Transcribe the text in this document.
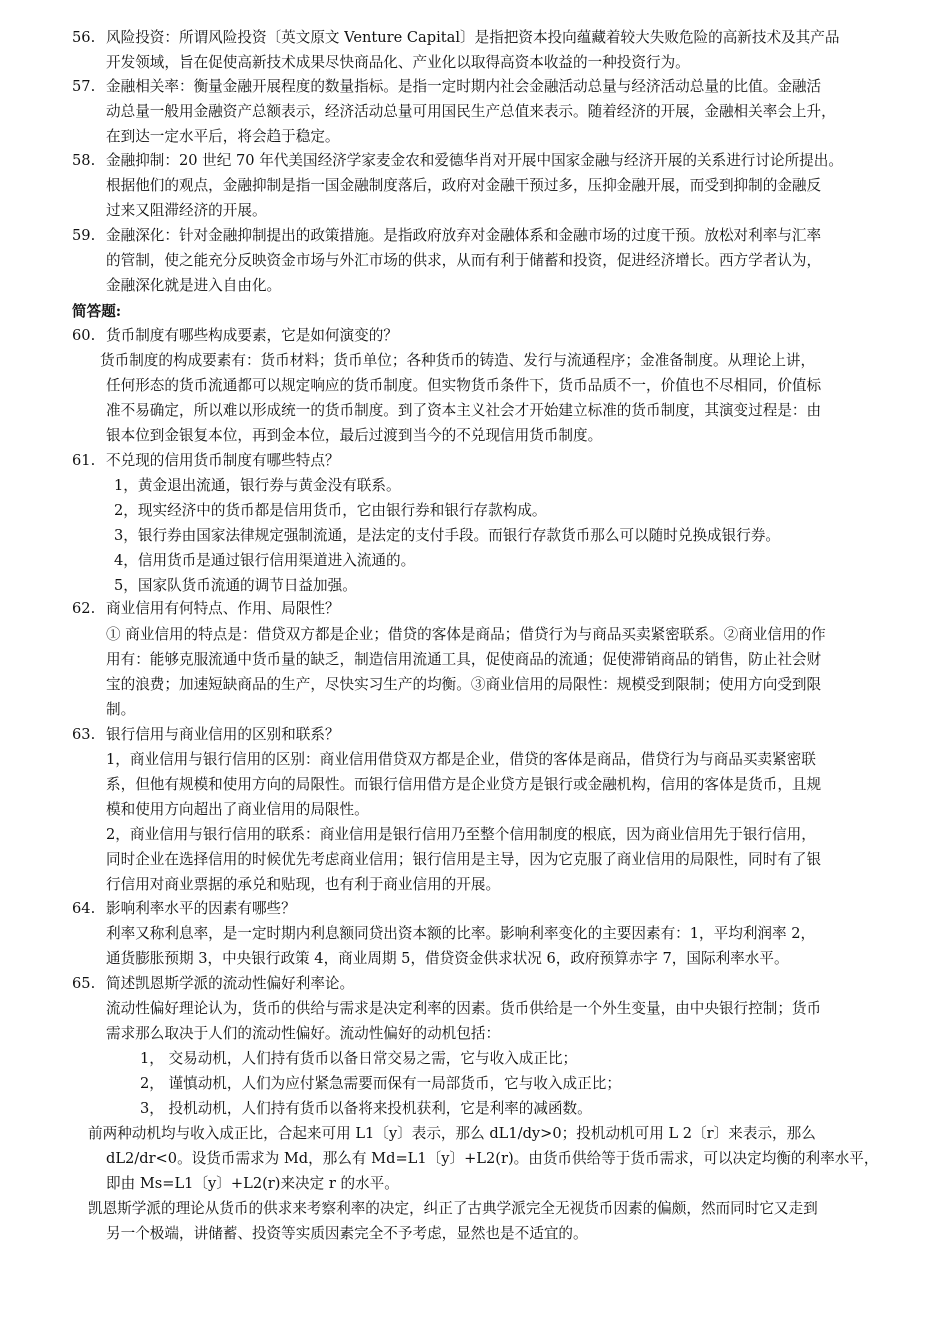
56. 风险投资：所谓风险投资〔英文原文 Venture Capital〕是指把资本投向蕴藏着较大失败危险的高新技术及其产品
开发领域，旨在促使高新技术成果尽快商品化、产业化以取得高资本收益的一种投资行为。
57. 金融相关率：衡量金融开展程度的数量指标。是指一定时期内社会金融活动总量与经济活动总量的比值。金融活
动总量一般用金融资产总额表示，经济活动总量可用国民生产总值来表示。随着经济的开展，金融相关率会上升，
在到达一定水平后，将会趋于稳定。
58. 金融抑制：20 世纪 70 年代美国经济学家麦金农和爱德华肖对开展中国家金融与经济开展的关系进行讨论所提出。
根据他们的观点，金融抑制是指一国金融制度落后，政府对金融干预过多，压抑金融开展，而受到抑制的金融反
过来又阻滞经济的开展。
59. 金融深化：针对金融抑制提出的政策措施。是指政府放弃对金融体系和金融市场的过度干预。放松对利率与汇率
的管制，使之能充分反映资金市场与外汇市场的供求，从而有利于储蓄和投资，促进经济增长。西方学者认为，
金融深化就是进入自由化。
简答题:
60. 货币制度有哪些构成要素，它是如何演变的？
货币制度的构成要素有：货币材料；货币单位；各种货币的铸造、发行与流通程序；金准备制度。从理论上讲，
任何形态的货币流通都可以规定响应的货币制度。但实物货币条件下，货币品质不一，价值也不尽相同，价值标
准不易确定，所以难以形成统一的货币制度。到了资本主义社会才开始建立标准的货币制度，其演变过程是：由
银本位到金银复本位，再到金本位，最后过渡到当今的不兑现信用货币制度。
61. 不兑现的信用货币制度有哪些特点？
1，黄金退出流通，银行券与黄金没有联系。
2，现实经济中的货币都是信用货币，它由银行券和银行存款构成。
3，银行券由国家法律规定强制流通，是法定的支付手段。而银行存款货币那么可以随时兑换成银行券。
4，信用货币是通过银行信用渠道进入流通的。
5，国家队货币流通的调节日益加强。
62. 商业信用有何特点、作用、局限性？
① 商业信用的特点是：借贷双方都是企业；借贷的客体是商品；借贷行为与商品买卖紧密联系。②商业信用的作
用有：能够克服流通中货币量的缺乏，制造信用流通工具，促使商品的流通；促使滞销商品的销售，防止社会财
宝的浪费；加速短缺商品的生产，尽快实习生产的均衡。③商业信用的局限性：规模受到限制；使用方向受到限
制。
63. 银行信用与商业信用的区别和联系？
1，商业信用与银行信用的区别：商业信用借贷双方都是企业，借贷的客体是商品，借贷行为与商品买卖紧密联
系，但他有规模和使用方向的局限性。而银行信用借方是企业贷方是银行或金融机构，信用的客体是货币，且规
模和使用方向超出了商业信用的局限性。
2，商业信用与银行信用的联系：商业信用是银行信用乃至整个信用制度的根底，因为商业信用先于银行信用，
同时企业在选择信用的时候优先考虑商业信用；银行信用是主导，因为它克服了商业信用的局限性，同时有了银
行信用对商业票据的承兑和贴现，也有利于商业信用的开展。
64. 影响利率水平的因素有哪些？
利率又称利息率，是一定时期内利息额同贷出资本额的比率。影响利率变化的主要因素有：1，平均利润率 2，
通货膨胀预期 3，中央银行政策 4，商业周期 5，借贷资金供求状况 6，政府预算赤字 7，国际利率水平。
65. 简述凯恩斯学派的流动性偏好利率论。
流动性偏好理论认为，货币的供给与需求是决定利率的因素。货币供给是一个外生变量，由中央银行控制；货币
需求那么取决于人们的流动性偏好。流动性偏好的动机包括：
1， 交易动机，人们持有货币以备日常交易之需，它与收入成正比；
2， 谨慎动机，人们为应付紧急需要而保有一局部货币，它与收入成正比；
3， 投机动机，人们持有货币以备将来投机获利，它是利率的减函数。
前两种动机均与收入成正比，合起来可用 L1〔y〕表示，那么 dL1/dy>0；投机动机可用 L 2〔r〕来表示，那么
dL2/dr<0。设货币需求为 Md，那么有 Md=L1〔y〕+L2(r)。由货币供给等于货币需求，可以决定均衡的利率水平，
即由 Ms=L1〔y〕+L2(r)来决定 r 的水平。
凯恩斯学派的理论从货币的供求来考察利率的决定，纠正了古典学派完全无视货币因素的偏颇，然而同时它又走到
另一个极端，讲储蓄、投资等实质因素完全不予考虑，显然也是不适宜的。
